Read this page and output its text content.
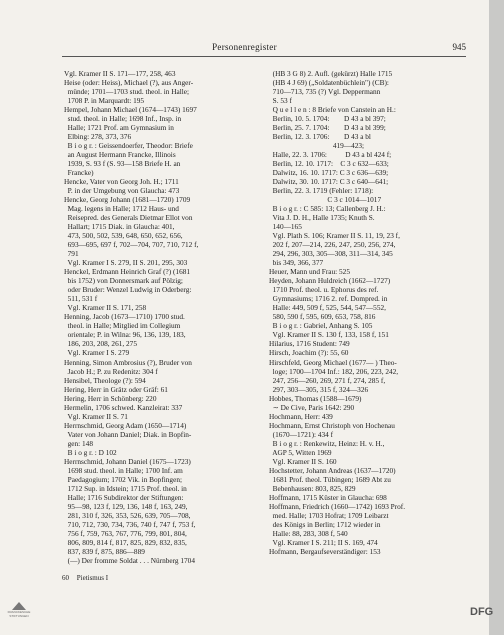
Personenregister	945
Vgl. Kramer II S. 171—177, 258, 463
Heise (oder: Heiss), Michael (?), aus Anger-
münde; 1701—1703 stud. theol. in Halle;
1708 P. in Marquardt: 195
Hempel, Johann Michael (1674—1743) 1697
stud. theol. in Halle; 1698 Inf., Insp. in
Halle; 1721 Prof. am Gymnasium in
Elbing: 278, 373, 376
B i o g r. : Geissendoerfer, Theodor: Briefe
an August Hermann Francke, Illinois
1939, S. 93 f (S. 93—158 Briefe H. an
Francke)
Hencke, Vater von Georg Joh. H.; 1711
P. in der Umgebung von Glaucha: 473
Hencke, Georg Johann (1681—1720) 1709
Mag. legens in Halle; 1712 Haus- und
Reisepred. des Generals Dietmar Ellot von
Hallart; 1715 Diak. in Glaucha: 401,
473, 500, 502, 539, 648, 650, 652, 656,
693—695, 697 f, 702—704, 707, 710, 712 f,
791
Vgl. Kramer I S. 279, II S. 201, 295, 303
Henckel, Erdmann Heinrich Graf (?) (1681
bis 1752) von Donnersmark auf Pölzig;
oder Bruder: Wenzel Ludwig in Oderberg:
511, 531 f
Vgl. Kramer II S. 171, 258
Henning, Jacob (1673—1710) 1700 stud.
theol. in Halle; Mitglied im Collegium
orientale; P. in Wilna: 96, 136, 139, 183,
186, 203, 208, 261, 275
Vgl. Kramer I S. 279
Henning, Simon Ambrosius (?), Bruder von
Jacob H.; P. zu Redenitz: 304 f
Hensibel, Theologe (?): 594
Hering, Herr in Grätz oder Gräf: 61
Hering, Herr in Schönberg: 220
Hermelin, 1706 schwed. Kanzleirat: 337
Vgl. Kramer II S. 71
Herrnschmid, Georg Adam (1650—1714)
Vater von Johann Daniel; Diak. in Bopfin-
gen: 148
B i o g r. : D 102
Herrnschmid, Johann Daniel (1675—1723)
1698 stud. theol. in Halle; 1700 Inf. am
Paedagogium; 1702 Vik. in Bopfingen;
1712 Sup. in Idstein; 1715 Prof. theol. in
Halle; 1716 Subdirektor der Stiftungen:
95—98, 123 f, 129, 136, 148 f, 163, 249,
281, 310 f, 326, 353, 526, 639, 705—708,
710, 712, 730, 734, 736, 740 f, 747 f, 753 f,
756 f, 759, 763, 767, 776, 799, 801, 804,
806, 809, 814 f, 817, 825, 829, 832, 835,
837, 839 f, 875, 886—889
(—) Der fromme Soldat . . . Nürnberg 1704
(HB 3 G 8) 2. Aufl. (gekürzt) Halle 1715
(HB 4 J 69) („Soldatenbüchlein") (CB):
710—713, 735 (?) Vgl. Deppermann
S. 53 f
Q u e l l e n : 8 Briefe von Canstein an H.:
Berlin, 10. 5. 1704:        D 43 a bl 397;
Berlin, 25. 7. 1704:        D 43 a bl 399;
Berlin, 12. 3. 1706:        D 43 a bl
419—423;
Halle, 22. 3. 1706:          D 43 a bl 424 f;
Berlin, 12. 10. 1717:    C 3 c 632—633;
Dalwitz, 16. 10. 1717: C 3 c 636—639;
Dalwitz, 30. 10. 1717: C 3 c 640—641;
Berlin, 22. 3. 1719 (Fehler: 1718):
C 3 c 1014—1017
B i o g r. : C 585: 13; Callenberg J. H.:
Vita J. D. H., Halle 1735; Knuth S.
140—165
Vgl. Plath S. 106; Kramer II S. 11, 19, 23 f,
202 f, 207—214, 226, 247, 250, 256, 274,
294, 296, 303, 305—308, 311—314, 345
bis 349, 366, 377
Heuer, Mann und Frau: 525
Heyden, Johann Huldreich (1662—1727)
1710 Prof. theol. u. Ephorus des ref.
Gymnasiums; 1716 2. ref. Dompred. in
Halle: 449, 509 f, 525, 544, 547—552,
580, 590 f, 595, 609, 653, 758, 816
B i o g r. : Gabriel, Anhang S. 105
Vgl. Kramer II S. 130 f, 133, 158 f, 151
Hilarius, 1716 Student: 749
Hirsch, Joachim (?): 55, 60
Hirschfeld, Georg Michael (1677— ) Theo-
loge; 1700—1704 Inf.: 182, 206, 223, 242,
247, 256—260, 269, 271 f, 274, 285 f,
297, 303—305, 315 f, 324—326
Hobbes, Thomas (1588—1679)
∼ De Cive, Paris 1642: 290
Hochmann, Herr: 439
Hochmann, Ernst Christoph von Hochenau
(1670—1721): 434 f
B i o g r. : Renkewitz, Heinz: H. v. H.,
AGP 5, Witten 1969
Vgl. Kramer II S. 160
Hochstetter, Johann Andreas (1637—1720)
1681 Prof. theol. Tübingen; 1689 Abt zu
Bebenhausen: 803, 825, 829
Hoffmann, 1715 Küster in Glaucha: 698
Hoffmann, Friedrich (1660—1742) 1693 Prof.
med. Halle; 1703 Hofrat; 1709 Leibarzt
des Königs in Berlin; 1712 wieder in
Halle: 88, 283, 308 f, 540
Vgl. Kramer I S. 211; II S. 169, 474
Hofmann, Bergaufseverständiger: 153
60 Pietismus I
FRANCKESCHE
STIFTUNGEN	DFG
